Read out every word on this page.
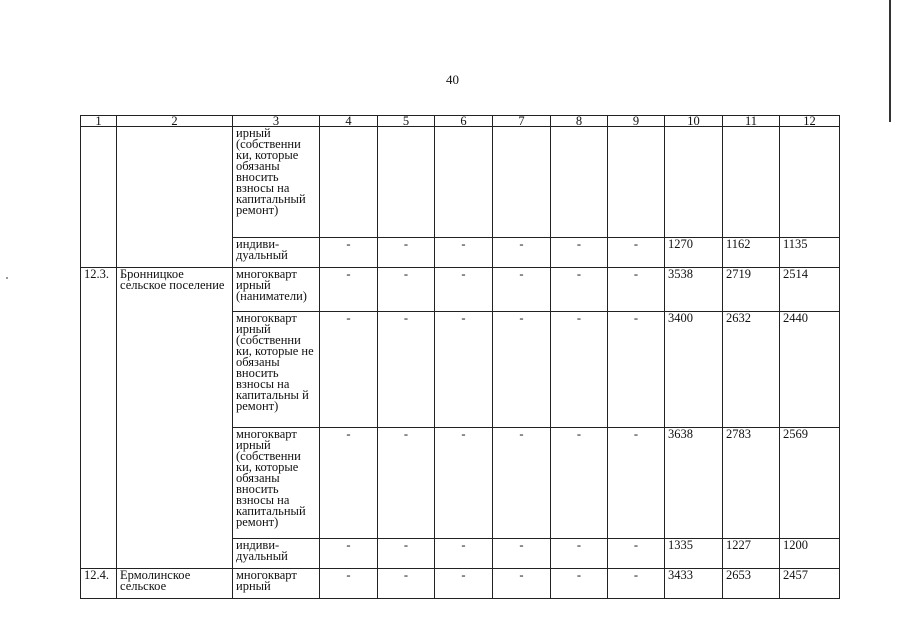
40
1	2	3	4	5	6	7	8	9	10	11	12
		ирный (собственни ки, которые обязаны вносить взносы на капитальный ремонт)									
		индиви- дуальный	-	-	-	-	-	-	1270	1162	1135
12.3.	Бронницкое сельское поселение	многокварт ирный (наниматели)	-	-	-	-	-	-	3538	2719	2514
		многокварт ирный (собственни ки, которые не обязаны вносить взносы на капитальны й ремонт)	-	-	-	-	-	-	3400	2632	2440
		многокварт ирный (собственни ки, которые обязаны вносить взносы на капитальный ремонт)	-	-	-	-	-	-	3638	2783	2569
		индиви- дуальный	-	-	-	-	-	-	1335	1227	1200
12.4.	Ермолинское сельское	многокварт ирный	-	-	-	-	-	-	3433	2653	2457
